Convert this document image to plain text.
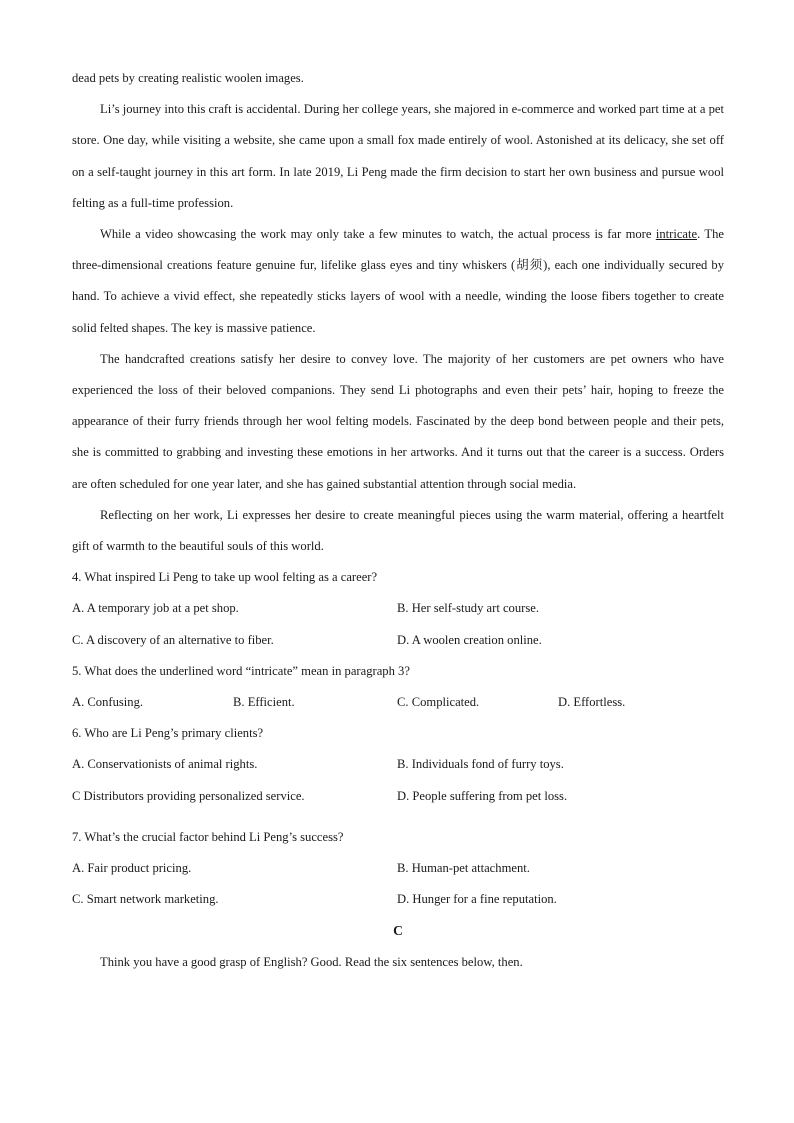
dead pets by creating realistic woolen images.

Li’s journey into this craft is accidental. During her college years, she majored in e-commerce and worked part time at a pet store. One day, while visiting a website, she came upon a small fox made entirely of wool. Astonished at its delicacy, she set off on a self-taught journey in this art form. In late 2019, Li Peng made the firm decision to start her own business and pursue wool felting as a full-time profession.

While a video showcasing the work may only take a few minutes to watch, the actual process is far more intricate. The three-dimensional creations feature genuine fur, lifelike glass eyes and tiny whiskers (胡须), each one individually secured by hand. To achieve a vivid effect, she repeatedly sticks layers of wool with a needle, winding the loose fibers together to create solid felted shapes. The key is massive patience.

The handcrafted creations satisfy her desire to convey love. The majority of her customers are pet owners who have experienced the loss of their beloved companions. They send Li photographs and even their pets’ hair, hoping to freeze the appearance of their furry friends through her wool felting models. Fascinated by the deep bond between people and their pets, she is committed to grabbing and investing these emotions in her artworks. And it turns out that the career is a success. Orders are often scheduled for one year later, and she has gained substantial attention through social media.

Reflecting on her work, Li expresses her desire to create meaningful pieces using the warm material, offering a heartfelt gift of warmth to the beautiful souls of this world.

4. What inspired Li Peng to take up wool felting as a career?

A. A temporary job at a pet shop.	B. Her self-study art course.
C. A discovery of an alternative to fiber.	D. A woolen creation online.

5. What does the underlined word “intricate” mean in paragraph 3?

A. Confusing.	B. Efficient.	C. Complicated.	D. Effortless.

6. Who are Li Peng’s primary clients?

A. Conservationists of animal rights.	B. Individuals fond of furry toys.
C Distributors providing personalized service.	D. People suffering from pet loss.

7. What’s the crucial factor behind Li Peng’s success?

A. Fair product pricing.	B. Human-pet attachment.
C. Smart network marketing.	D. Hunger for a fine reputation.

C

Think you have a good grasp of English? Good. Read the six sentences below, then.
